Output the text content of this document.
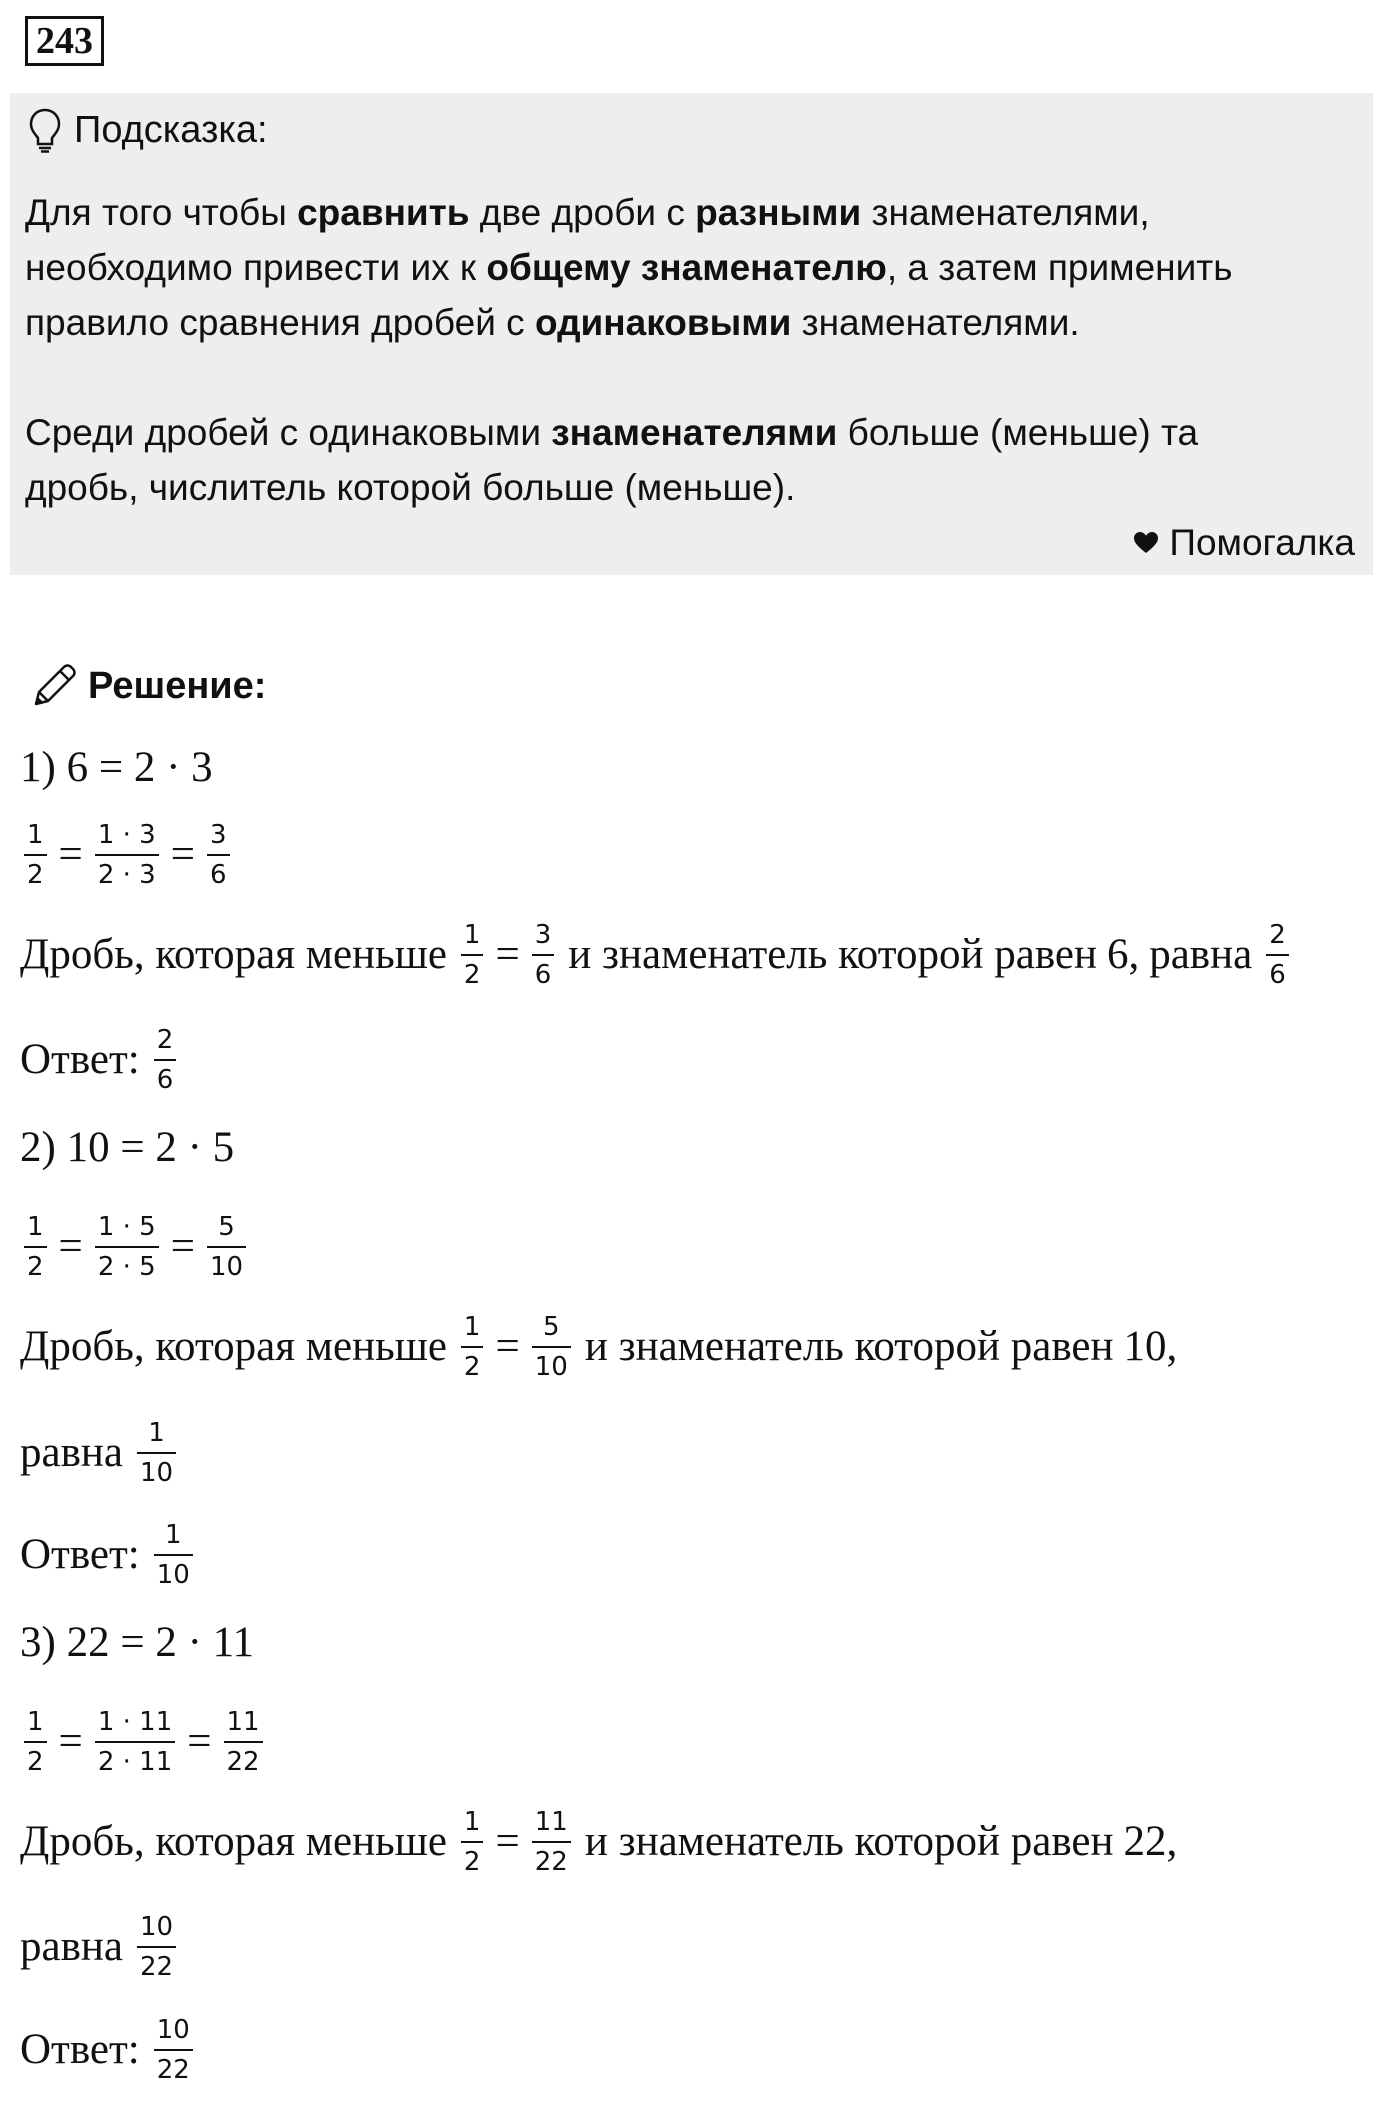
243
Подсказка:
Для того чтобы сравнить две дроби с разными знаменателями,
необходимо привести их к общему знаменателю, а затем применить
правило сравнения дробей с одинаковыми знаменателями.
Среди дробей с одинаковыми знаменателями больше (меньше) та
дробь, числитель которой больше (меньше).
Помогалка
Решение:
1) 6 = 2 · 3
$\frac{1}{2} = \frac{1 \cdot 3}{2 \cdot 3} = \frac{3}{6}$
Дробь, которая меньше $\frac{1}{2} = \frac{3}{6}$ и знаменатель которой равен 6, равна $\frac{2}{6}$
Ответ: $\frac{2}{6}$
2) 10 = 2 · 5
$\frac{1}{2} = \frac{1 \cdot 5}{2 \cdot 5} = \frac{5}{10}$
Дробь, которая меньше $\frac{1}{2} = \frac{5}{10}$ и знаменатель которой равен 10,
равна $\frac{1}{10}$
Ответ: $\frac{1}{10}$
3) 22 = 2 · 11
$\frac{1}{2} = \frac{1 \cdot 11}{2 \cdot 11} = \frac{11}{22}$
Дробь, которая меньше $\frac{1}{2} = \frac{11}{22}$ и знаменатель которой равен 22,
равна $\frac{10}{22}$
Ответ: $\frac{10}{22}$
